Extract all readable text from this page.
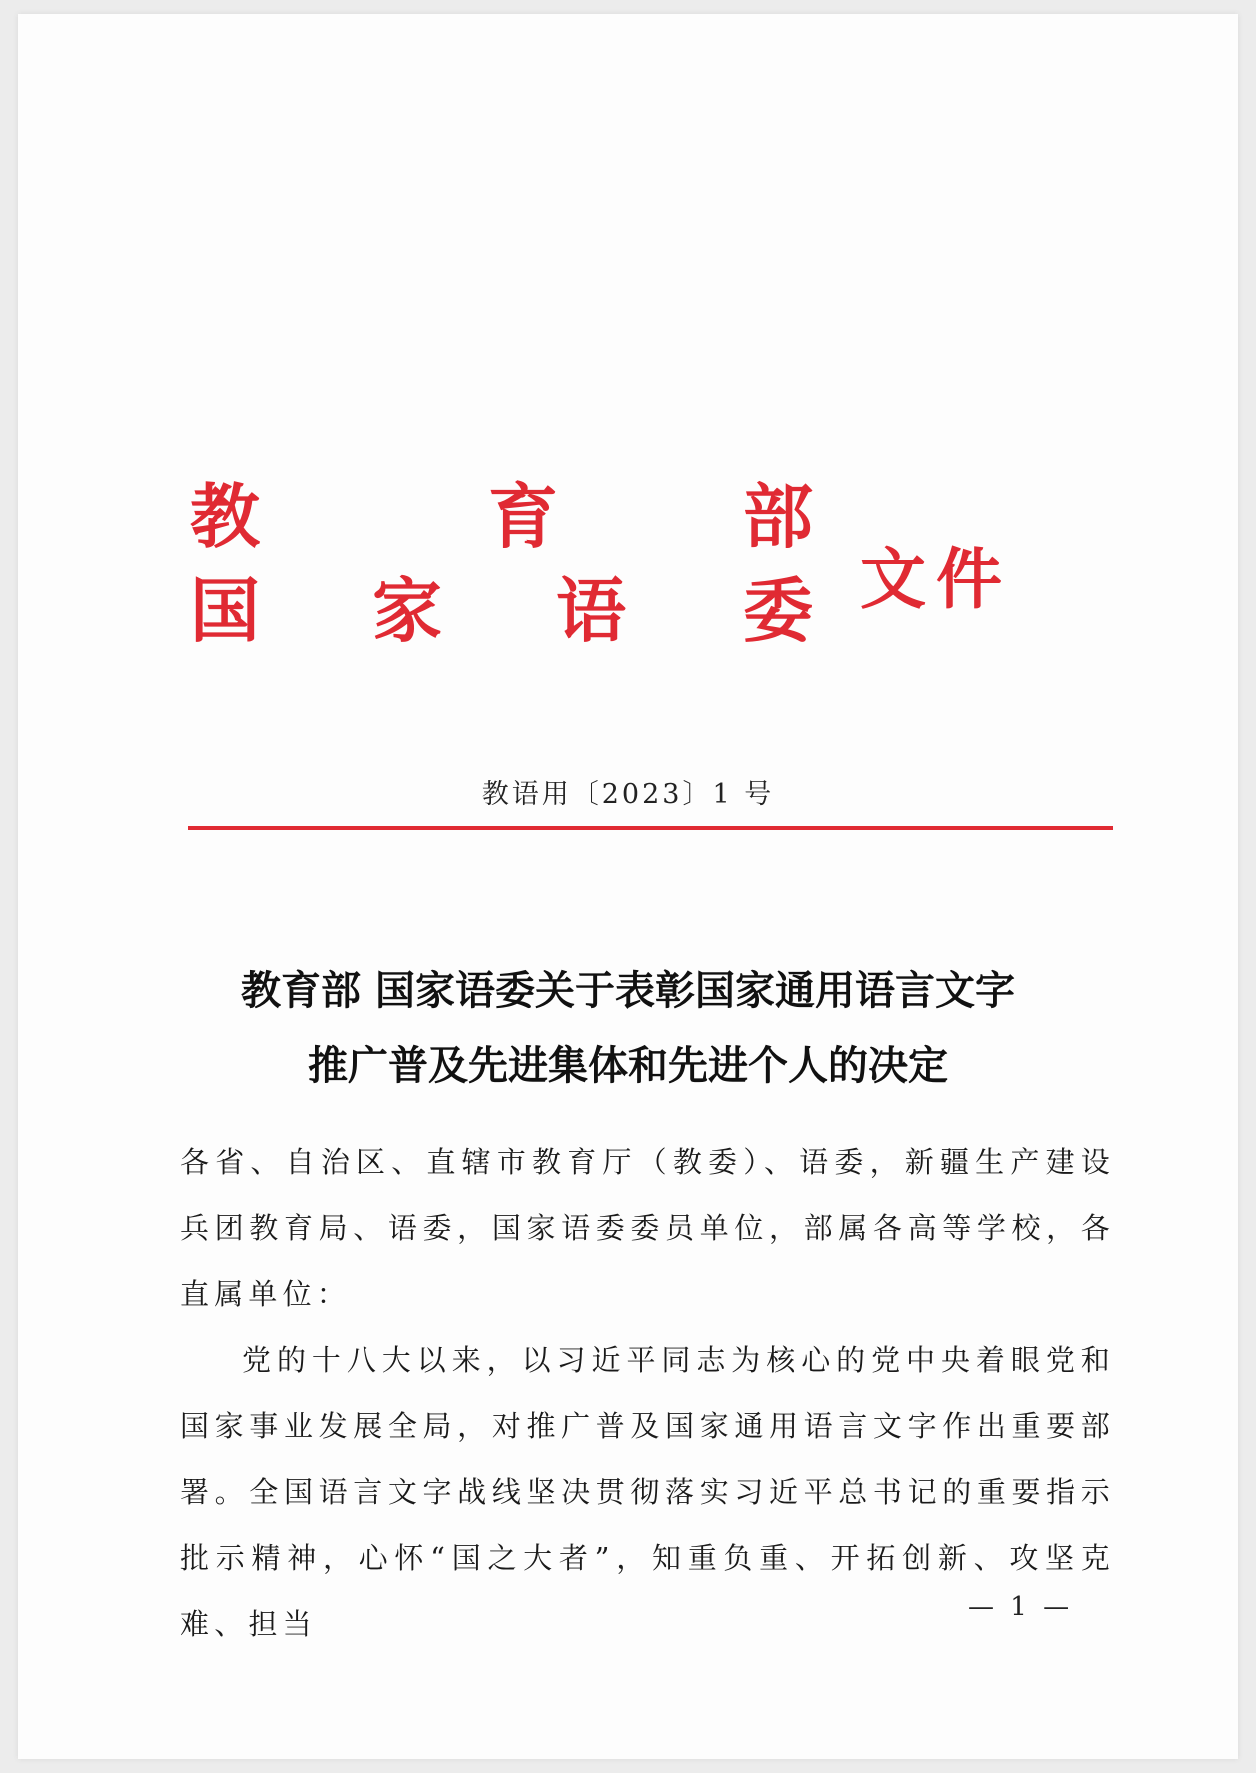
教	育	部
国 家 语 委 文件
教语用〔2023〕1 号
教育部 国家语委关于表彰国家通用语言文字
推广普及先进集体和先进个人的决定

各省、自治区、直辖市教育厅（教委）、语委，新疆生产建设兵团教育局、语委，国家语委委员单位，部属各高等学校，各直属单位：

党的十八大以来，以习近平同志为核心的党中央着眼党和国家事业发展全局，对推广普及国家通用语言文字作出重要部署。全国语言文字战线坚决贯彻落实习近平总书记的重要指示批示精神，心怀“国之大者”，知重负重、开拓创新、攻坚克难、担当	— 1 —
